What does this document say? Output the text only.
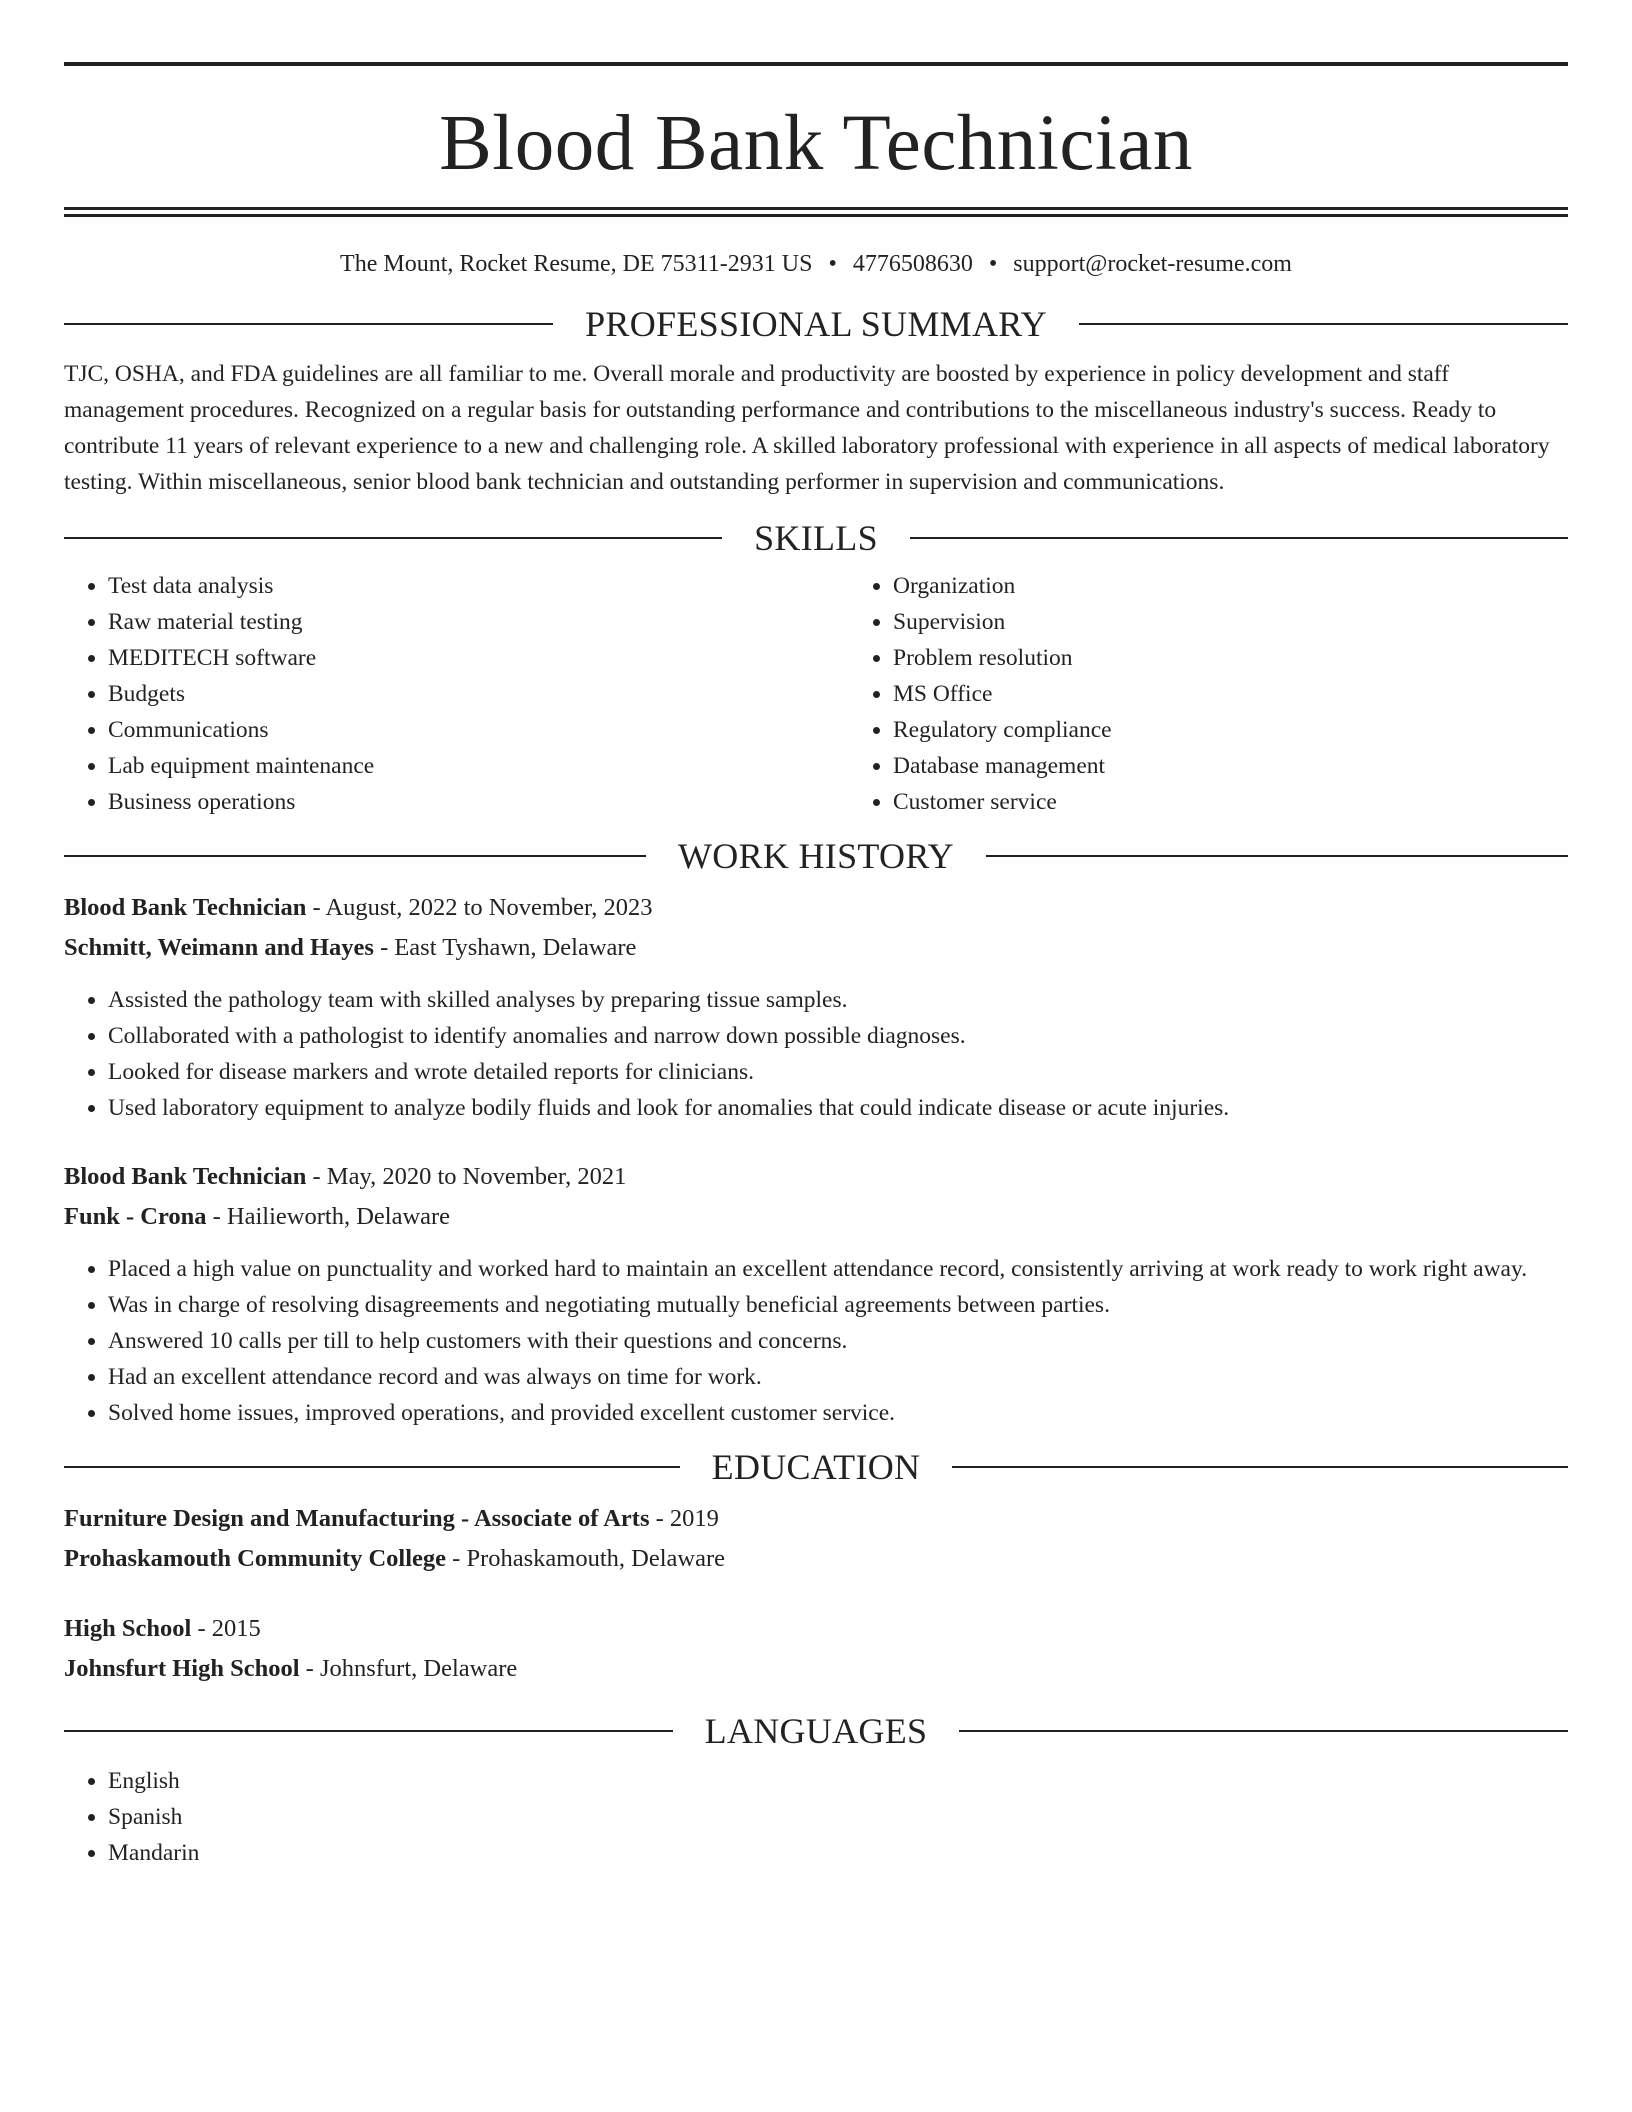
Blood Bank Technician
The Mount, Rocket Resume, DE 75311-2931 US • 4776508630 • support@rocket-resume.com
PROFESSIONAL SUMMARY

TJC, OSHA, and FDA guidelines are all familiar to me. Overall morale and productivity are boosted by experience in policy development and staff management procedures. Recognized on a regular basis for outstanding performance and contributions to the miscellaneous industry's success. Ready to contribute 11 years of relevant experience to a new and challenging role. A skilled laboratory professional with experience in all aspects of medical laboratory testing. Within miscellaneous, senior blood bank technician and outstanding performer in supervision and communications.

SKILLS
• Test data analysis
• Raw material testing
• MEDITECH software
• Budgets
• Communications
• Lab equipment maintenance
• Business operations
• Organization
• Supervision
• Problem resolution
• MS Office
• Regulatory compliance
• Database management
• Customer service
WORK HISTORY
Blood Bank Technician - August, 2022 to November, 2023
Schmitt, Weimann and Hayes - East Tyshawn, Delaware
• Assisted the pathology team with skilled analyses by preparing tissue samples.
• Collaborated with a pathologist to identify anomalies and narrow down possible diagnoses.
• Looked for disease markers and wrote detailed reports for clinicians.
• Used laboratory equipment to analyze bodily fluids and look for anomalies that could indicate disease or acute injuries.
Blood Bank Technician - May, 2020 to November, 2021
Funk - Crona - Hailieworth, Delaware
• Placed a high value on punctuality and worked hard to maintain an excellent attendance record, consistently arriving at work ready to work right away.
• Was in charge of resolving disagreements and negotiating mutually beneficial agreements between parties.
• Answered 10 calls per till to help customers with their questions and concerns.
• Had an excellent attendance record and was always on time for work.
• Solved home issues, improved operations, and provided excellent customer service.
EDUCATION
Furniture Design and Manufacturing - Associate of Arts - 2019
Prohaskamouth Community College - Prohaskamouth, Delaware
High School - 2015
Johnsfurt High School - Johnsfurt, Delaware
LANGUAGES
• English
• Spanish
• Mandarin
